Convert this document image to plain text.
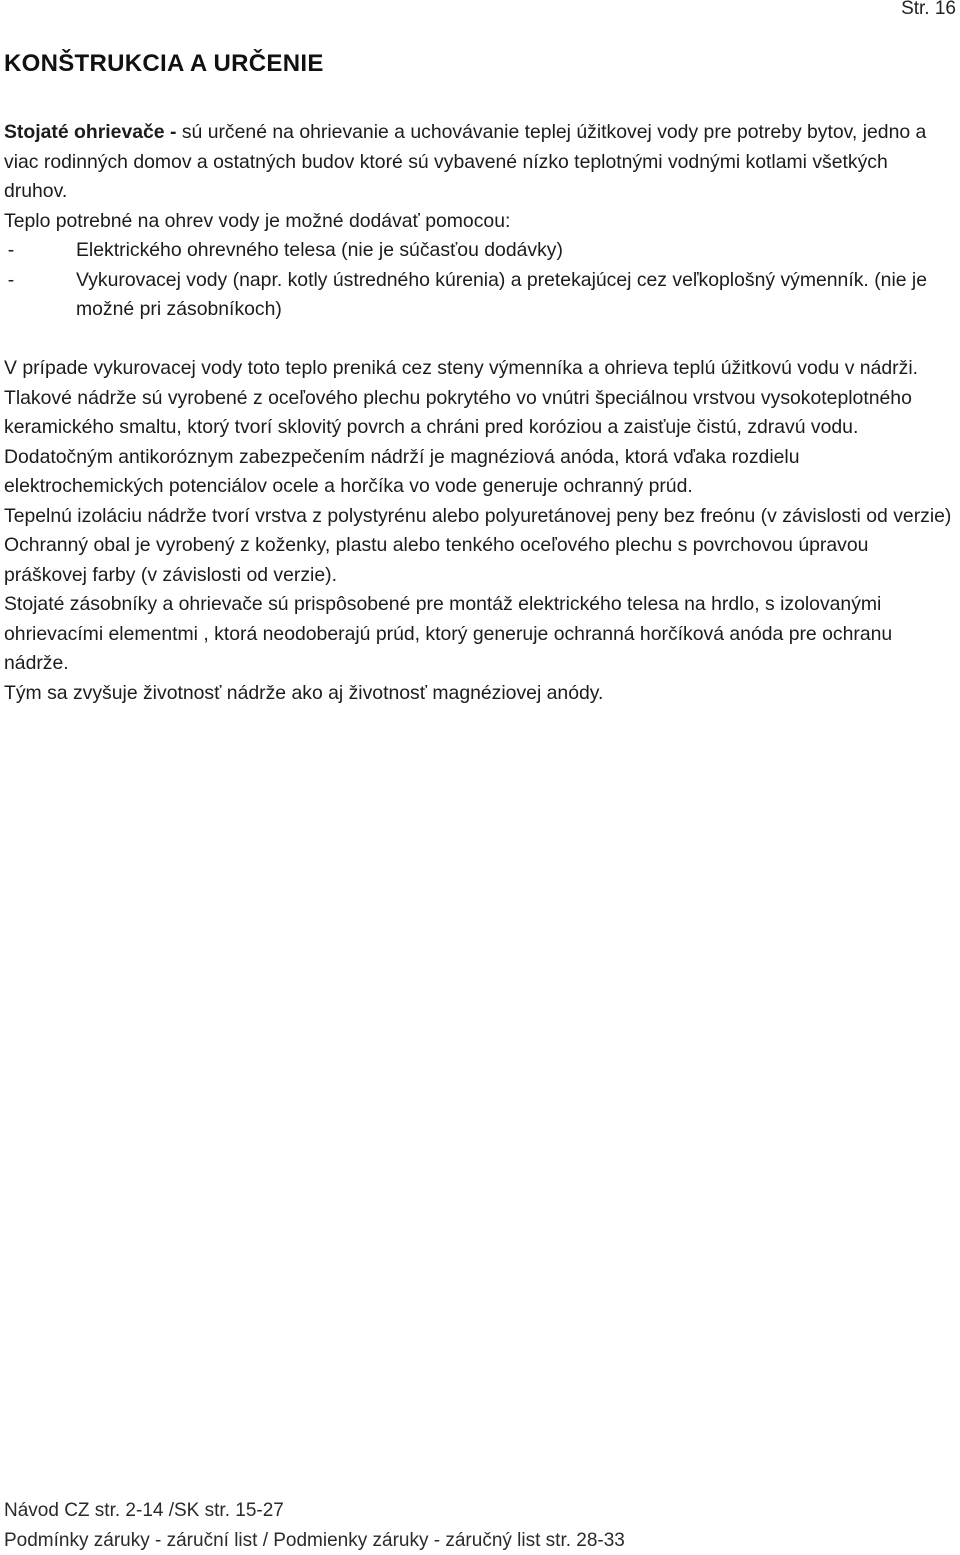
Str. 16
KONŠTRUKCIA A URČENIE

Stojaté ohrievače - sú určené na ohrievanie a uchovávanie teplej úžitkovej vody pre potreby bytov, jedno a viac rodinných domov a ostatných budov ktoré sú vybavené nízko teplotnými vodnými kotlami všetkých druhov.

Teplo potrebné na ohrev vody je možné dodávať pomocou:

-	Elektrického ohrevného telesa (nie je súčasťou dodávky)
-	Vykurovacej vody (napr. kotly ústredného kúrenia) a pretekajúcej cez veľkoplošný výmenník. (nie je možné pri zásobníkoch)

V prípade vykurovacej vody toto teplo preniká cez steny výmenníka a ohrieva teplú úžitkovú vodu v nádrži.

Tlakové nádrže sú vyrobené z oceľového plechu pokrytého vo vnútri špeciálnou vrstvou vysokoteplotného keramického smaltu, ktorý tvorí sklovitý povrch a chráni pred koróziou a zaisťuje čistú, zdravú vodu. Dodatočným antikoróznym zabezpečením nádrží je magnéziová anóda, ktorá vďaka rozdielu elektrochemických potenciálov ocele a horčíka vo vode generuje ochranný prúd.

Tepelnú izoláciu nádrže tvorí vrstva z polystyrénu alebo polyuretánovej peny bez freónu (v závislosti od verzie)

Ochranný obal je vyrobený z koženky, plastu alebo tenkého oceľového plechu s povrchovou úpravou práškovej farby (v závislosti od verzie).

Stojaté zásobníky a ohrievače sú prispôsobené pre montáž elektrického telesa na hrdlo, s izolovanými ohrievacími elementmi , ktorá neodoberajú prúd, ktorý generuje ochranná horčíková anóda pre ochranu nádrže.

Tým sa zvyšuje životnosť nádrže ako aj životnosť magnéziovej anódy.

Návod CZ str. 2-14 /SK str. 15-27
Podmínky záruky - záruční list / Podmienky záruky - záručný list str. 28-33
